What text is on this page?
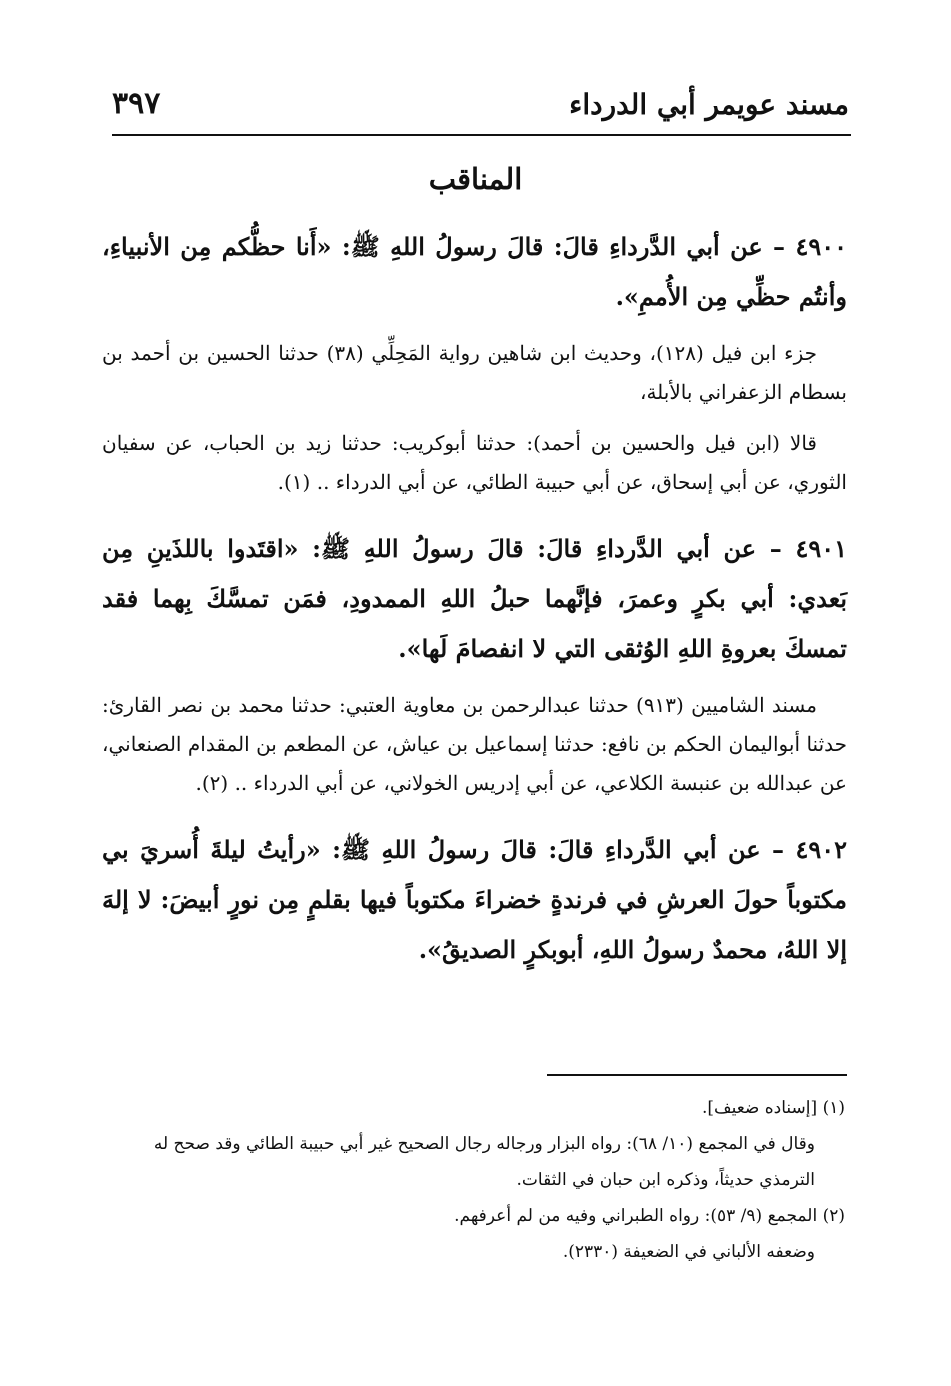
٣٩٧	مسند عويمر أبي الدرداء
المناقب

٤٩٠٠ – عن أبي الدَّرداءِ قالَ: قالَ رسولُ اللهِ ﷺ: «أَنا حظُّكم مِن الأنبياءِ، وأنتُم حظِّي مِن الأُممِ».

جزء ابن فيل (١٢٨)، وحديث ابن شاهين رواية المَحِلِّي (٣٨) حدثنا الحسين بن أحمد بن بسطام الزعفراني بالأبلة،

قالا (ابن فيل والحسين بن أحمد): حدثنا أبوكريب: حدثنا زيد بن الحباب، عن سفيان الثوري، عن أبي إسحاق، عن أبي حبيبة الطائي، عن أبي الدرداء .. (١).

٤٩٠١ – عن أبي الدَّرداءِ قالَ: قالَ رسولُ اللهِ ﷺ: «اقتَدوا باللذَينِ مِن بَعدي: أبي بكرٍ وعمرَ، فإنَّهما حبلُ اللهِ الممدودِ، فمَن تمسَّكَ بِهما فقد تمسكَ بعروةِ اللهِ الوُثقى التي لا انفصامَ لَها».

مسند الشاميين (٩١٣) حدثنا عبدالرحمن بن معاوية العتبي: حدثنا محمد بن نصر القارئ: حدثنا أبواليمان الحكم بن نافع: حدثنا إسماعيل بن عياش، عن المطعم بن المقدام الصنعاني، عن عبدالله بن عنبسة الكلاعي، عن أبي إدريس الخولاني، عن أبي الدرداء .. (٢).

٤٩٠٢ – عن أبي الدَّرداءِ قالَ: قالَ رسولُ اللهِ ﷺ: «رأيتُ ليلةَ أُسريَ بي مكتوباً حولَ العرشِ في فرندةٍ خضراءَ مكتوباً فيها بقلمٍ مِن نورٍ أبيضَ: لا إلهَ إلا اللهُ، محمدٌ رسولُ اللهِ، أبوبكرٍ الصديقُ».

(١) [إسناده ضعيف].

وقال في المجمع (١٠/ ٦٨): رواه البزار ورجاله رجال الصحيح غير أبي حبيبة الطائي وقد صحح له الترمذي حديثاً، وذكره ابن حبان في الثقات.

(٢) المجمع (٩/ ٥٣): رواه الطبراني وفيه من لم أعرفهم.

وضعفه الألباني في الضعيفة (٢٣٣٠).
